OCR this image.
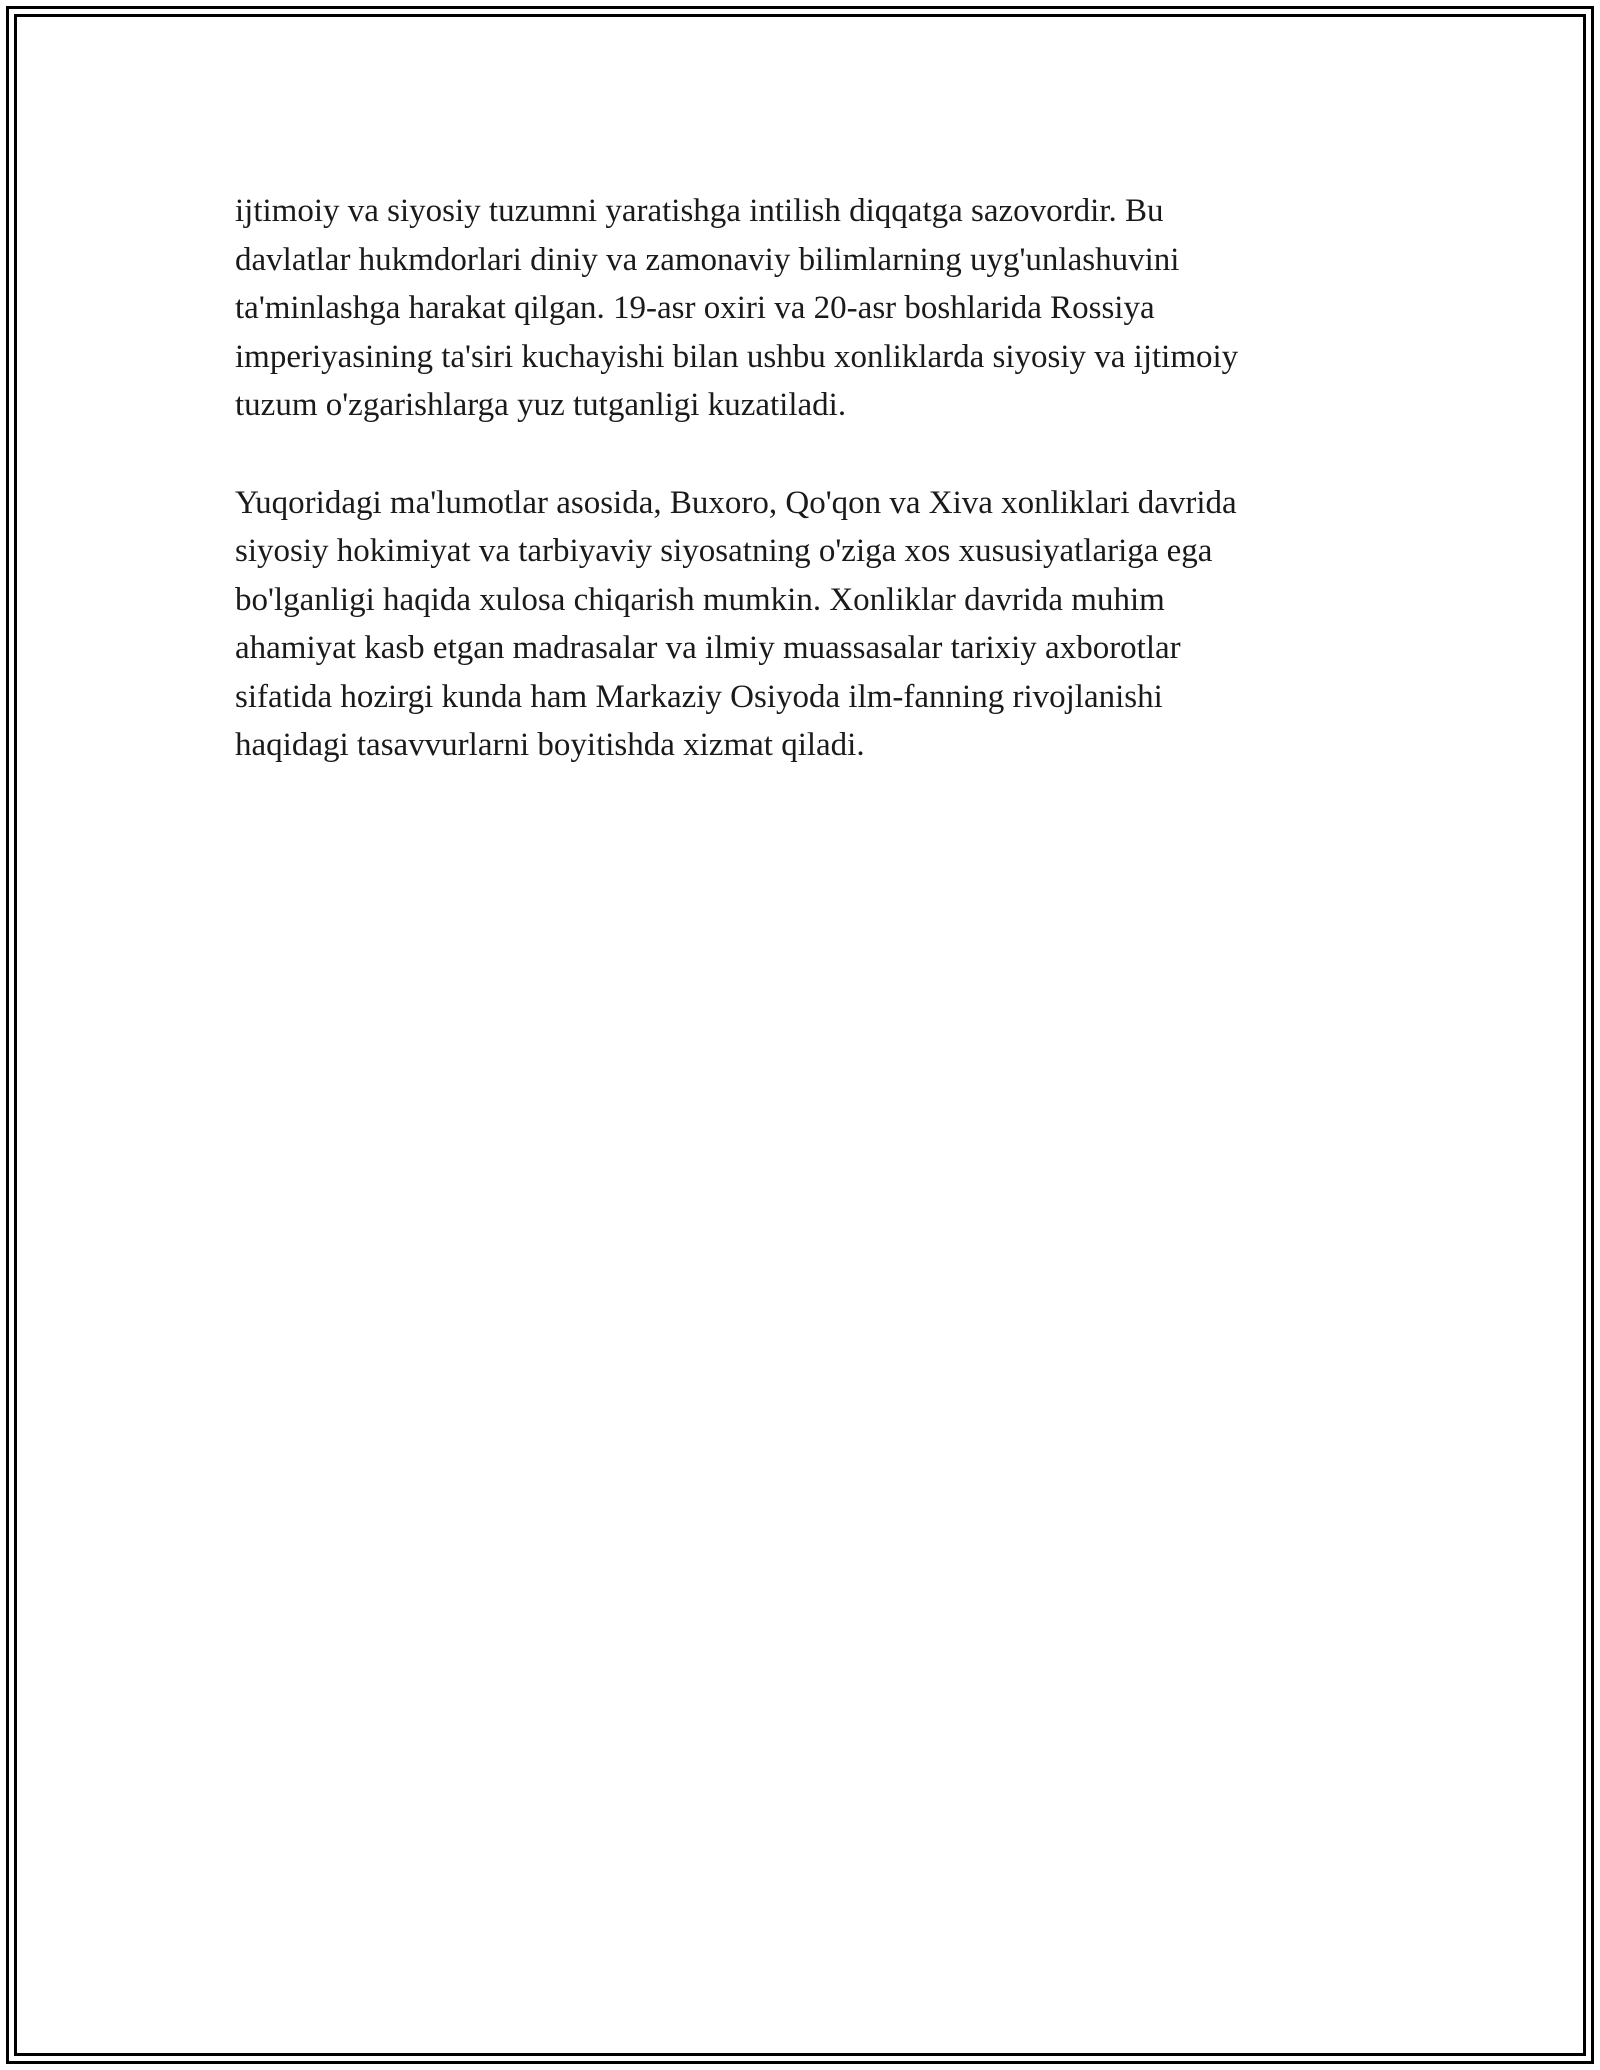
ijtimoiy va siyosiy tuzumni yaratishga intilish diqqatga sazovordir. Bu
davlatlar hukmdorlari diniy va zamonaviy bilimlarning uyg'unlashuvini
ta'minlashga harakat qilgan. 19-asr oxiri va 20-asr boshlarida Rossiya
imperiyasining ta'siri kuchayishi bilan ushbu xonliklarda siyosiy va ijtimoiy
tuzum o'zgarishlarga yuz tutganligi kuzatiladi.

Yuqoridagi ma'lumotlar asosida, Buxoro, Qo'qon va Xiva xonliklari davrida
siyosiy hokimiyat va tarbiyaviy siyosatning o'ziga xos xususiyatlariga ega
bo'lganligi haqida xulosa chiqarish mumkin. Xonliklar davrida muhim
ahamiyat kasb etgan madrasalar va ilmiy muassasalar tarixiy axborotlar
sifatida hozirgi kunda ham Markaziy Osiyoda ilm-fanning rivojlanishi
haqidagi tasavvurlarni boyitishda xizmat qiladi.
